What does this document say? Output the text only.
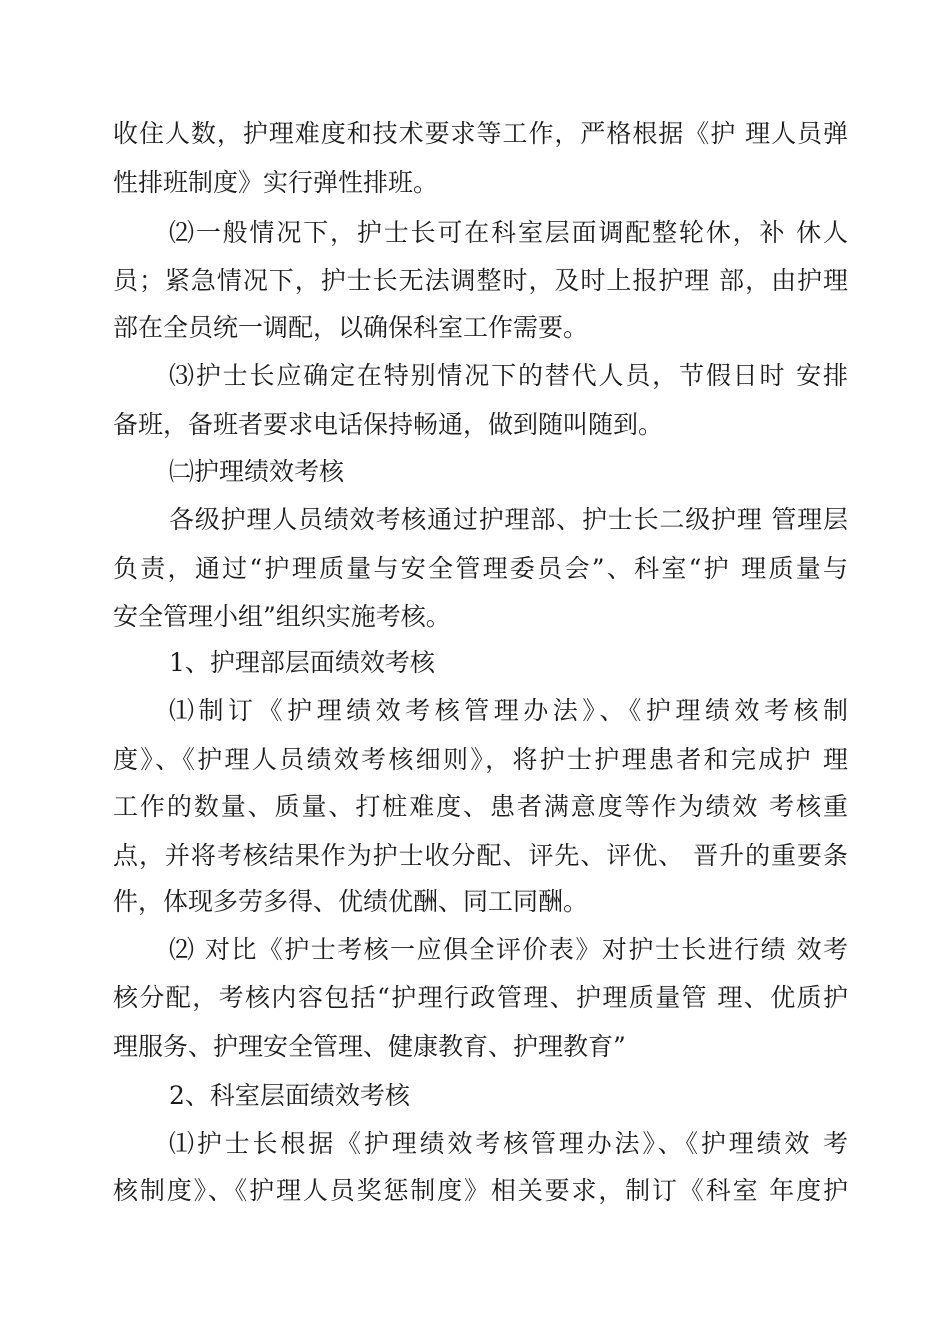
收住人数，护理难度和技术要求等工作，严格根据《护 理人员弹
性排班制度》实行弹性排班。
⑵一般情况下，护士长可在科室层面调配整轮休，补 休人
员；紧急情况下，护士长无法调整时，及时上报护理 部，由护理
部在全员统一调配，以确保科室工作需要。
⑶护士长应确定在特别情况下的替代人员，节假日时 安排
备班，备班者要求电话保持畅通，做到随叫随到。
㈡护理绩效考核
各级护理人员绩效考核通过护理部、护士长二级护理 管理层
负责，通过“护理质量与安全管理委员会”、科室“护 理质量与
安全管理小组”组织实施考核。
1、护理部层面绩效考核
⑴制订《护理绩效考核管理办法》、《护理绩效考核制
度》、《护理人员绩效考核细则》，将护士护理患者和完成护 理
工作的数量、质量、打桩难度、患者满意度等作为绩效 考核重
点，并将考核结果作为护士收分配、评先、评优、 晋升的重要条
件，体现多劳多得、优绩优酬、同工同酬。
⑵ 对比《护士考核一应俱全评价表》对护士长进行绩 效考
核分配，考核内容包括“护理行政管理、护理质量管 理、优质护
理服务、护理安全管理、健康教育、护理教育”
2、科室层面绩效考核
⑴护士长根据《护理绩效考核管理办法》、《护理绩效 考
核制度》、《护理人员奖惩制度》相关要求，制订《科室 年度护
